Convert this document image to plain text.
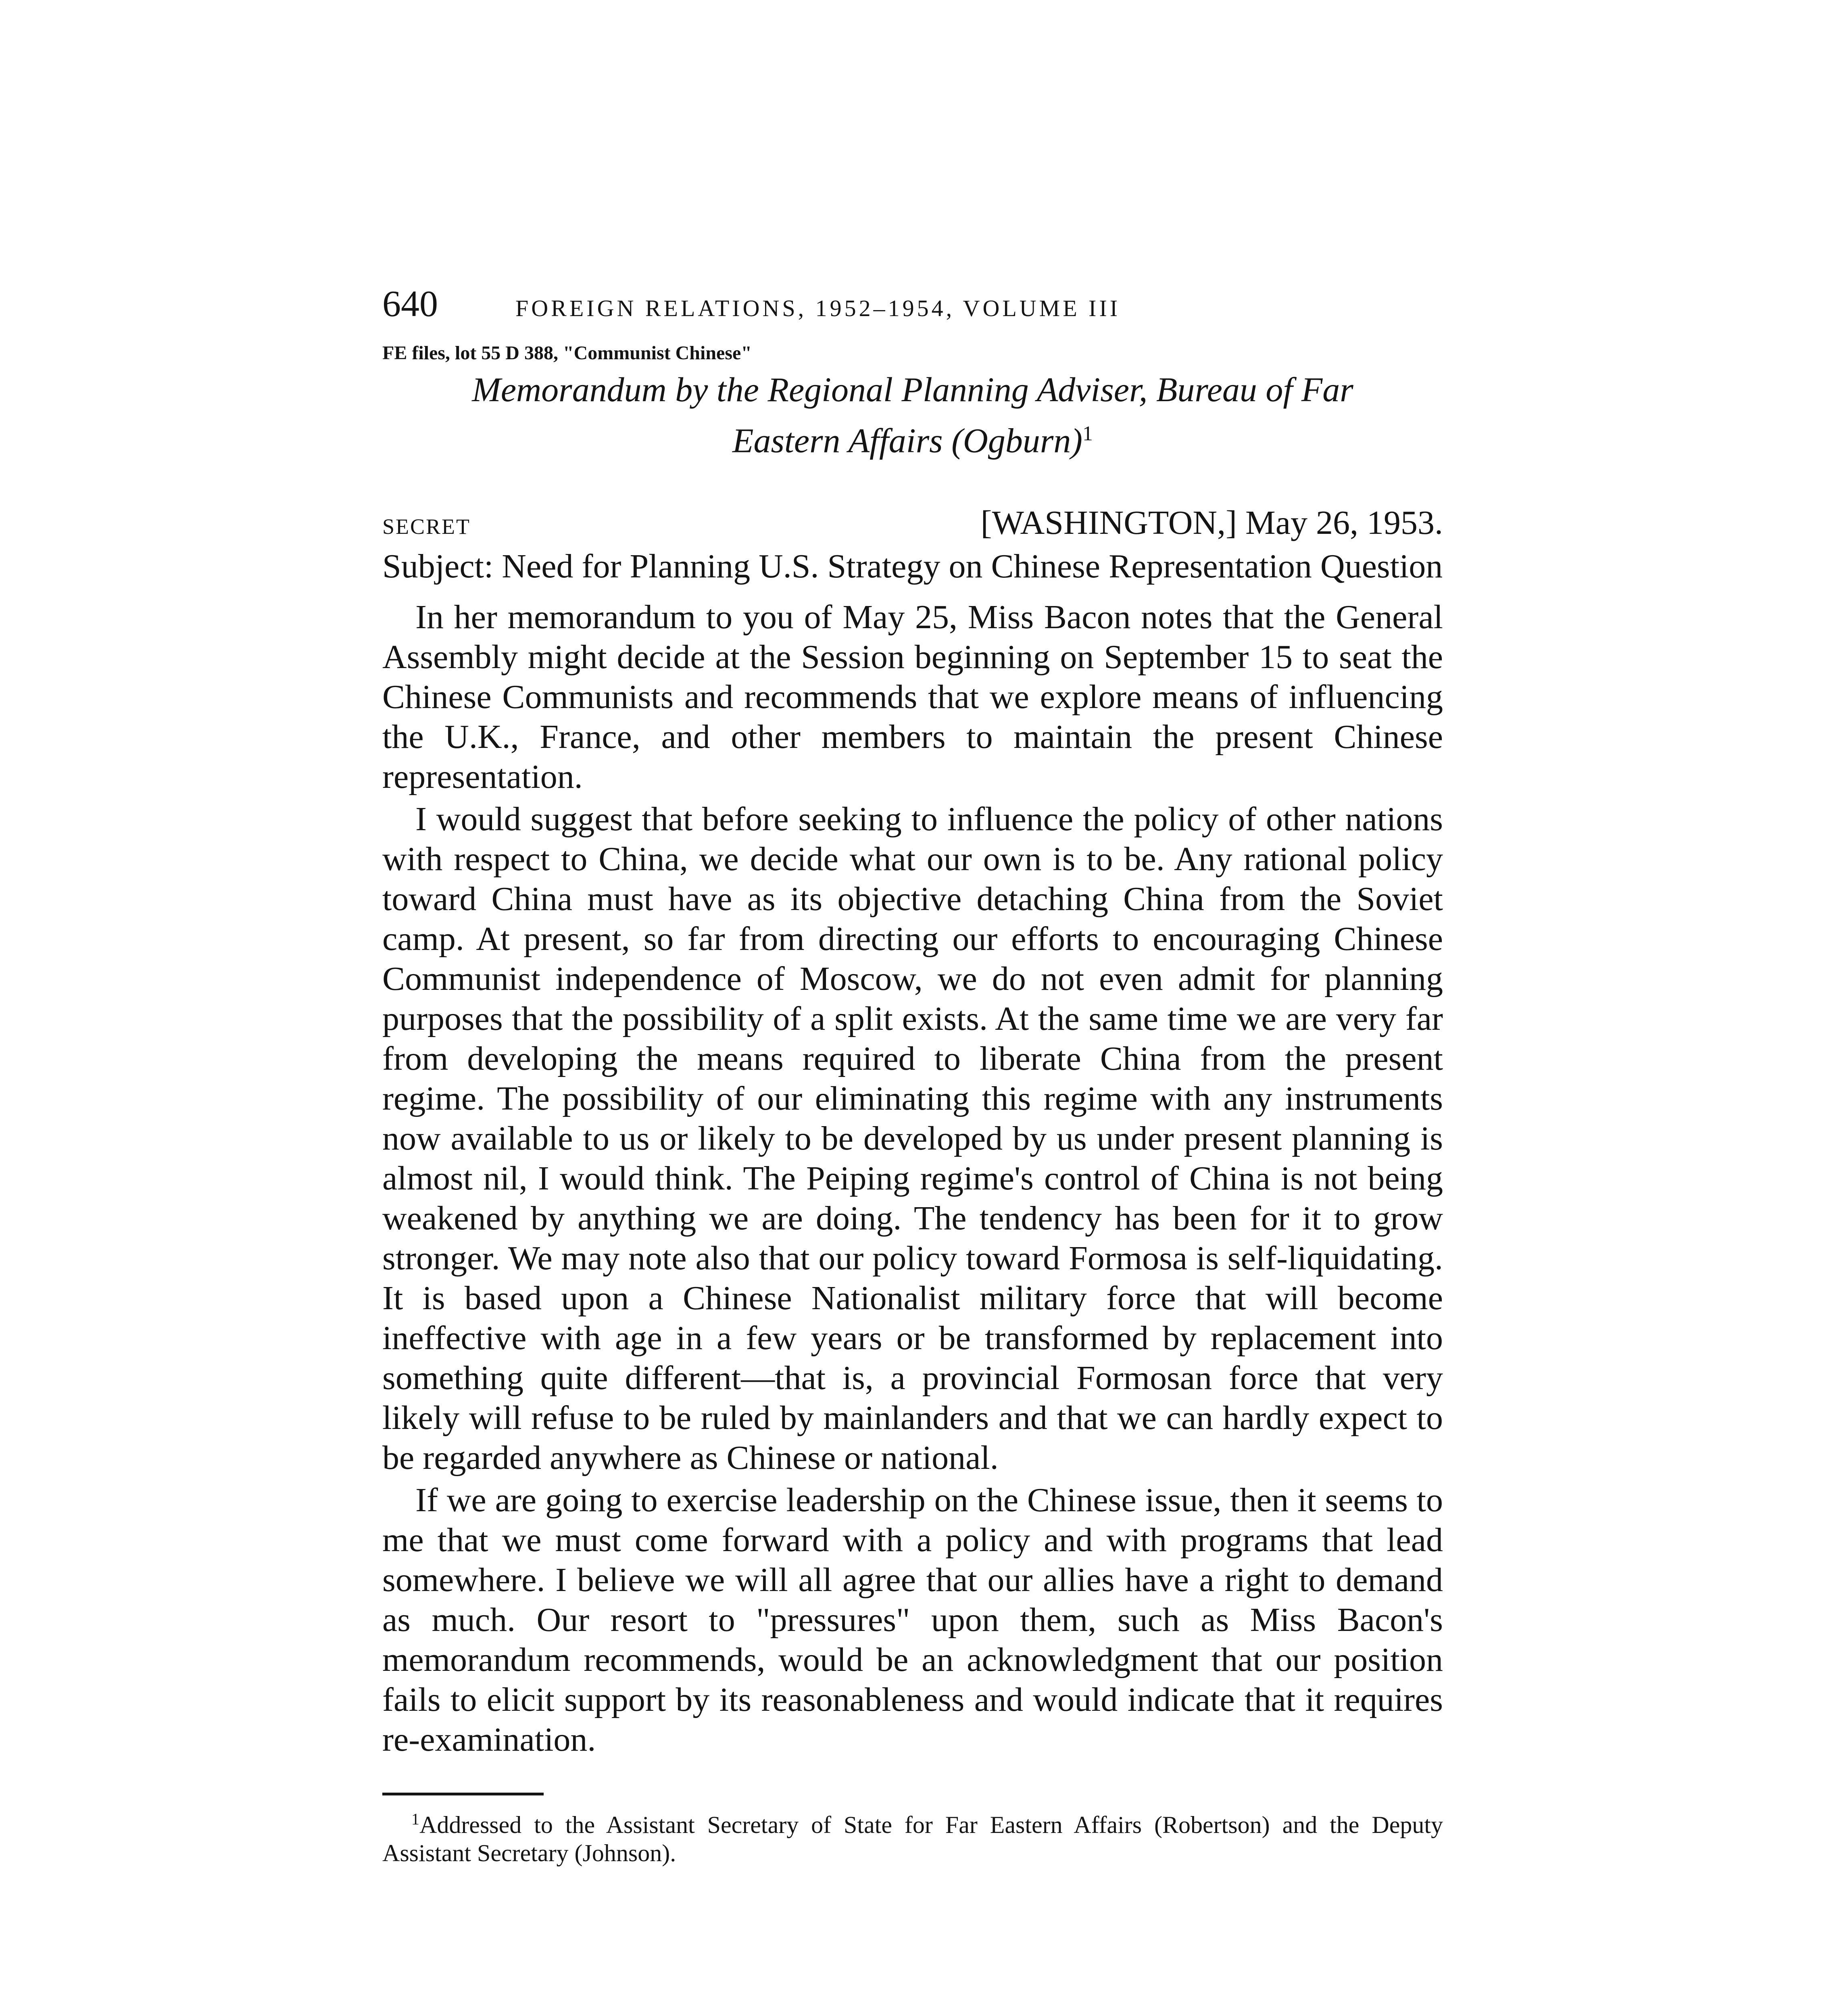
640	FOREIGN RELATIONS, 1952–1954, VOLUME III
FE files, lot 55 D 388, "Communist Chinese"
Memorandum by the Regional Planning Adviser, Bureau of Far
Eastern Affairs (Ogburn)$^1$
SECRET	[WASHINGTON,] May 26, 1953.
Subject: Need for Planning U.S. Strategy on Chinese Representation Question

In her memorandum to you of May 25, Miss Bacon notes that the General Assembly might decide at the Session beginning on September 15 to seat the Chinese Communists and recommends that we explore means of influencing the U.K., France, and other members to maintain the present Chinese representation.

I would suggest that before seeking to influence the policy of other nations with respect to China, we decide what our own is to be. Any rational policy toward China must have as its objective detaching China from the Soviet camp. At present, so far from directing our efforts to encouraging Chinese Communist independence of Moscow, we do not even admit for planning purposes that the possibility of a split exists. At the same time we are very far from developing the means required to liberate China from the present regime. The possibility of our eliminating this regime with any instruments now available to us or likely to be developed by us under present planning is almost nil, I would think. The Peiping regime's control of China is not being weakened by anything we are doing. The tendency has been for it to grow stronger. We may note also that our policy toward Formosa is self-liquidating. It is based upon a Chinese Nationalist military force that will become ineffective with age in a few years or be transformed by replacement into something quite different—that is, a provincial Formosan force that very likely will refuse to be ruled by mainlanders and that we can hardly expect to be regarded anywhere as Chinese or national.

If we are going to exercise leadership on the Chinese issue, then it seems to me that we must come forward with a policy and with programs that lead somewhere. I believe we will all agree that our allies have a right to demand as much. Our resort to "pressures" upon them, such as Miss Bacon's memorandum recommends, would be an acknowledgment that our position fails to elicit support by its reasonableness and would indicate that it requires re-examination.

$^1$Addressed to the Assistant Secretary of State for Far Eastern Affairs (Robertson) and the Deputy Assistant Secretary (Johnson).
